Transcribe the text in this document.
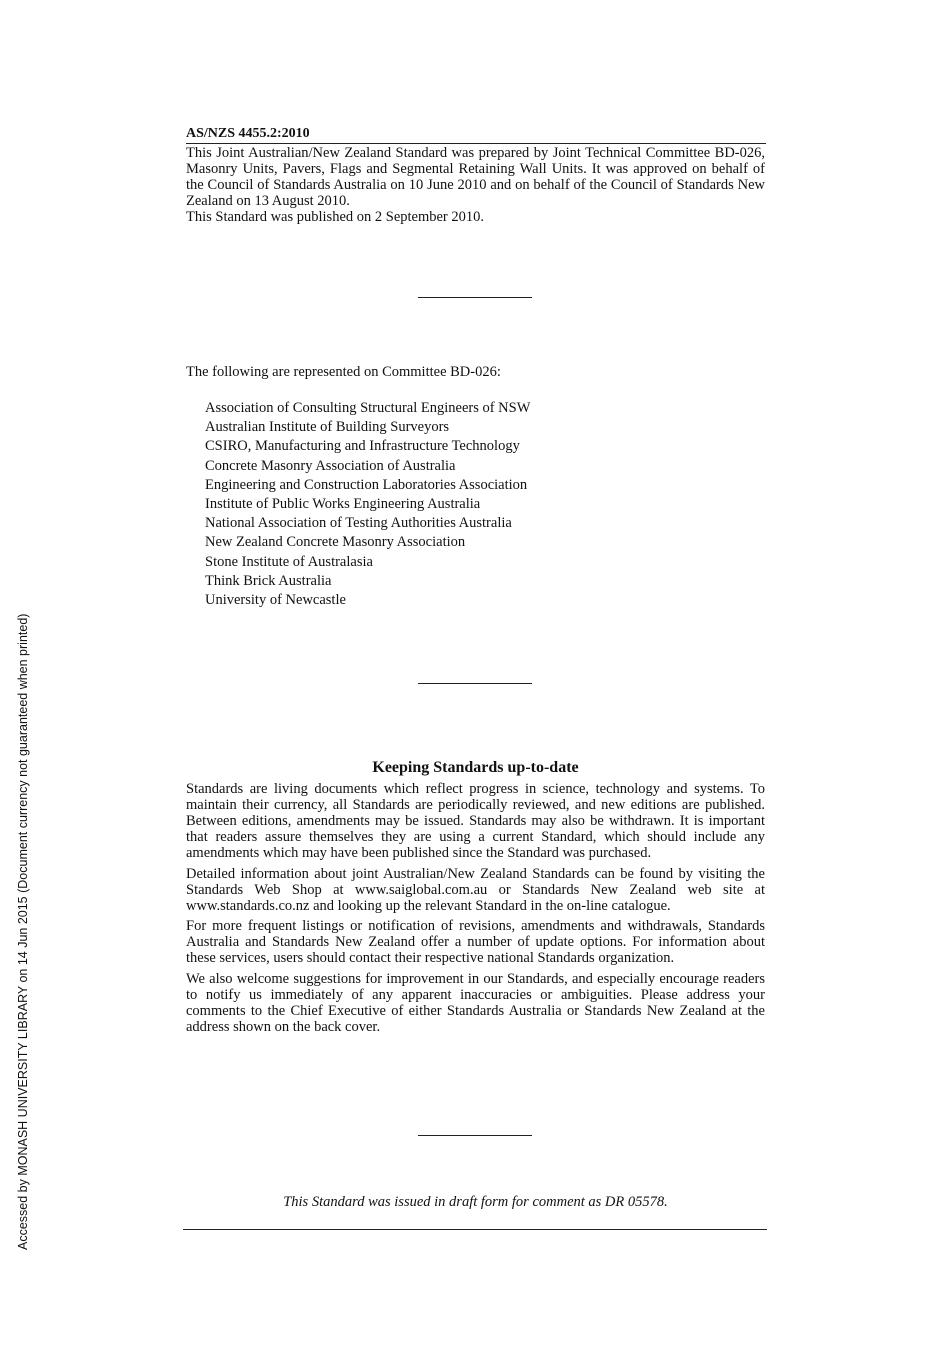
Accessed by MONASH UNIVERSITY LIBRARY on 14 Jun 2015 (Document currency not guaranteed when printed)
AS/NZS 4455.2:2010

This Joint Australian/New Zealand Standard was prepared by Joint Technical Committee BD-026, Masonry Units, Pavers, Flags and Segmental Retaining Wall Units. It was approved on behalf of the Council of Standards Australia on 10 June 2010 and on behalf of the Council of Standards New Zealand on 13 August 2010.

This Standard was published on 2 September 2010.

The following are represented on Committee BD-026:
Association of Consulting Structural Engineers of NSW
Australian Institute of Building Surveyors
CSIRO, Manufacturing and Infrastructure Technology
Concrete Masonry Association of Australia
Engineering and Construction Laboratories Association
Institute of Public Works Engineering Australia
National Association of Testing Authorities Australia
New Zealand Concrete Masonry Association
Stone Institute of Australasia
Think Brick Australia
University of Newcastle
Keeping Standards up-to-date

Standards are living documents which reflect progress in science, technology and systems. To maintain their currency, all Standards are periodically reviewed, and new editions are published. Between editions, amendments may be issued. Standards may also be withdrawn. It is important that readers assure themselves they are using a current Standard, which should include any amendments which may have been published since the Standard was purchased.

Detailed information about joint Australian/New Zealand Standards can be found by visiting the Standards Web Shop at www.saiglobal.com.au or Standards New Zealand web site at www.standards.co.nz and looking up the relevant Standard in the on-line catalogue.

For more frequent listings or notification of revisions, amendments and withdrawals, Standards Australia and Standards New Zealand offer a number of update options. For information about these services, users should contact their respective national Standards organization.

We also welcome suggestions for improvement in our Standards, and especially encourage readers to notify us immediately of any apparent inaccuracies or ambiguities. Please address your comments to the Chief Executive of either Standards Australia or Standards New Zealand at the address shown on the back cover.

This Standard was issued in draft form for comment as DR 05578.
